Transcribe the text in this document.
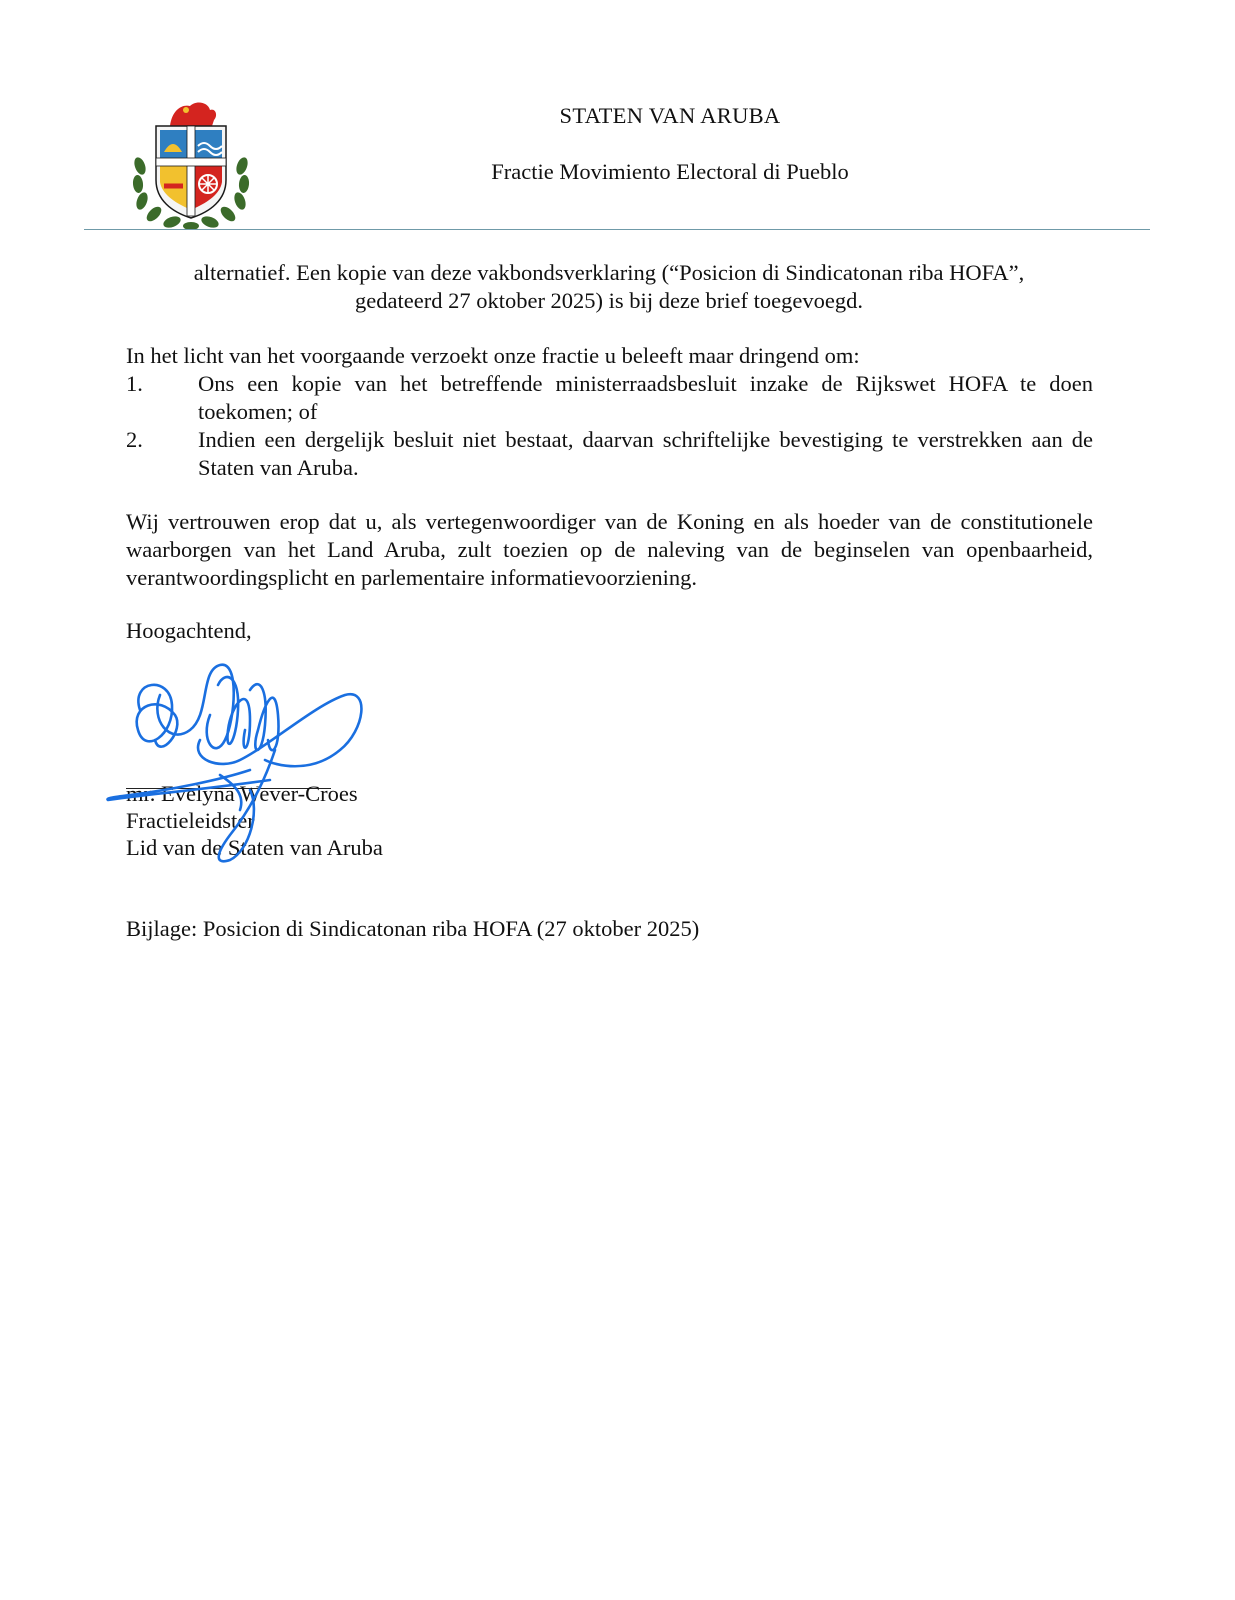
STATEN VAN ARUBA
Fractie Movimiento Electoral di Pueblo

alternatief. Een kopie van deze vakbondsverklaring (“Posicion di Sindicatonan riba HOFA”,

gedateerd 27 oktober 2025) is bij deze brief toegevoegd.

In het licht van het voorgaande verzoekt onze fractie u beleeft maar dringend om:

1. Ons een kopie van het betreffende ministerraadsbesluit inzake de Rijkswet HOFA te doen toekomen; of
2. Indien een dergelijk besluit niet bestaat, daarvan schriftelijke bevestiging te verstrekken aan de Staten van Aruba.

Wij vertrouwen erop dat u, als vertegenwoordiger van de Koning en als hoeder van de constitutionele waarborgen van het Land Aruba, zult toezien op de naleving van de beginselen van openbaarheid, verantwoordingsplicht en parlementaire informatievoorziening.

Hoogachtend,

mr. Evelyna Wever-Croes

Fractieleidster

Lid van de Staten van Aruba

Bijlage: Posicion di Sindicatonan riba HOFA (27 oktober 2025)
